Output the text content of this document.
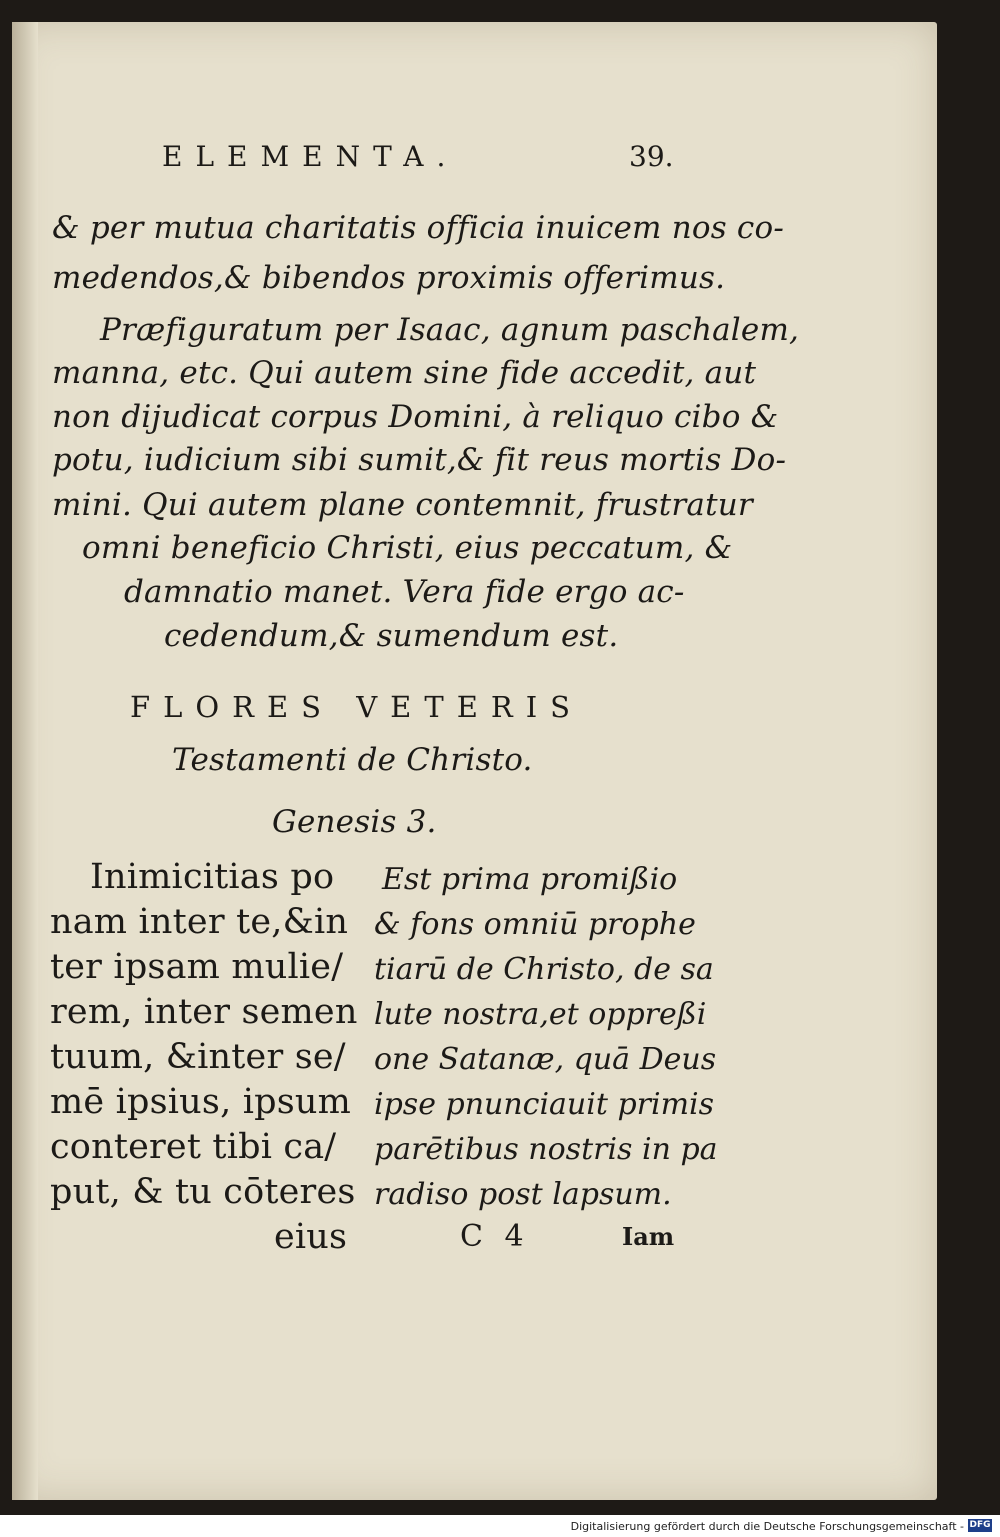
ELEMENTA.	39.
& per mutua charitatis officia inuicem nos co-
medendos,& bibendos proximis offerimus.
Præfiguratum per Isaac, agnum paschalem,
manna, etc. Qui autem sine fide accedit, aut
non dijudicat corpus Domini, à reliquo cibo &
potu, iudicium sibi sumit,& fit reus mortis Do-
mini. Qui autem plane contemnit, frustratur
omni beneficio Christi, eius peccatum, &
damnatio manet. Vera fide ergo ac-
cedendum,& sumendum est.
FLORES VETERIS
Testamenti de Christo.
Genesis 3.
Inimicitias po
nam inter te,&in
ter ipsam mulie/
rem, inter semen
tuum, &inter se/
mē ipsius, ipsum
conteret tibi ca/
put, & tu cōteres
eius
Est prima promißio
& fons omniū prophe
tiarū de Christo, de sa
lute nostra,et oppreßi
one Satanæ, quā Deus
ipse pnunciauit primis
parētibus nostris in pa
radiso post lapsum.
C 4	Iam
Digitalisierung gefördert durch die Deutsche Forschungsgemeinschaft - DFG
